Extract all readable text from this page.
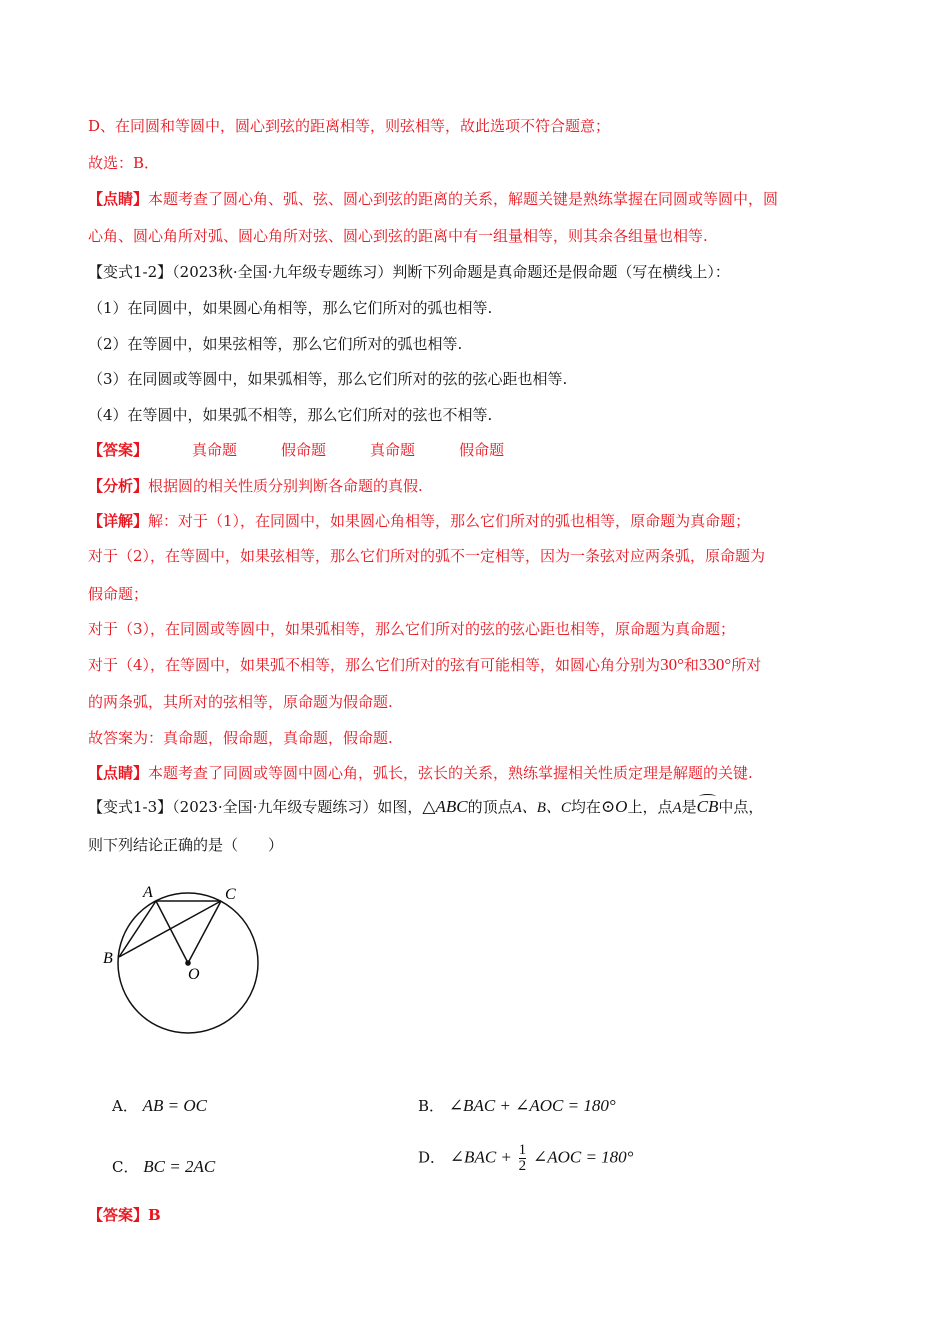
D、在同圆和等圆中，圆心到弦的距离相等，则弦相等，故此选项不符合题意；
故选：B．
【点睛】本题考查了圆心角、弧、弦、圆心到弦的距离的关系，解题关键是熟练掌握在同圆或等圆中，圆
心角、圆心角所对弧、圆心角所对弦、圆心到弦的距离中有一组量相等，则其余各组量也相等.
【变式1-2】（2023秋·全国·九年级专题练习）判断下列命题是真命题还是假命题（写在横线上）：
（1）在同圆中，如果圆心角相等，那么它们所对的弧也相等.
（2）在等圆中，如果弦相等，那么它们所对的弧也相等.
（3）在同圆或等圆中，如果弧相等，那么它们所对的弦的弦心距也相等.
（4）在等圆中，如果弧不相等，那么它们所对的弦也不相等.
【答案】	真命题	假命题	真命题	假命题
【分析】根据圆的相关性质分别判断各命题的真假.
【详解】解：对于（1），在同圆中，如果圆心角相等，那么它们所对的弧也相等，原命题为真命题；
对于（2），在等圆中，如果弦相等，那么它们所对的弧不一定相等，因为一条弦对应两条弧，原命题为
假命题；
对于（3），在同圆或等圆中，如果弧相等，那么它们所对的弦的弦心距也相等，原命题为真命题；
对于（4），在等圆中，如果弧不相等，那么它们所对的弦有可能相等，如圆心角分别为30°和330°所对
的两条弧，其所对的弦相等，原命题为假命题.
故答案为：真命题，假命题，真命题，假命题.
【点睛】本题考查了同圆或等圆中圆心角，弧长，弦长的关系，熟练掌握相关性质定理是解题的关键.
【变式1-3】（2023·全国·九年级专题练习）如图，△ABC的顶点A、B、C均在⊙O上，点A是CB中点，
则下列结论正确的是（　　）
A
B
C
O
A． AB = OC	B． ∠BAC + ∠AOC = 180°
C． BC = 2AC	D． ∠BAC + $\frac{1}{2}$ ∠AOC = 180°
【答案】B
